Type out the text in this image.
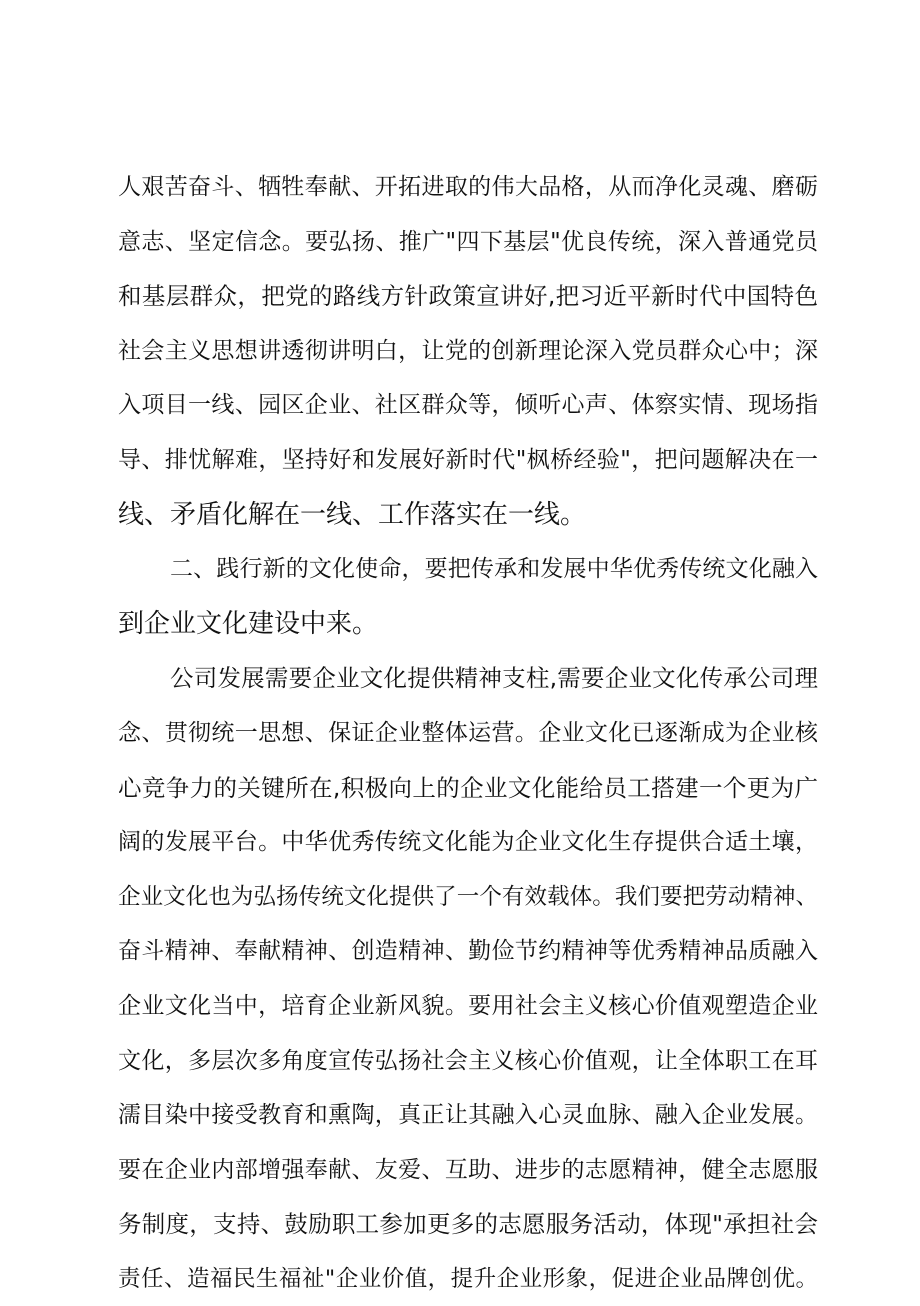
人艰苦奋斗、牺牲奉献、开拓进取的伟大品格，从而净化灵魂、磨砺
意志、坚定信念。要弘扬、推广"四下基层"优良传统，深入普通党员
和基层群众，把党的路线方针政策宣讲好,把习近平新时代中国特色
社会主义思想讲透彻讲明白，让党的创新理论深入党员群众心中；深
入项目一线、园区企业、社区群众等，倾听心声、体察实情、现场指
导、排忧解难，坚持好和发展好新时代"枫桥经验"，把问题解决在一
线、矛盾化解在一线、工作落实在一线。
二、践行新的文化使命，要把传承和发展中华优秀传统文化融入
到企业文化建设中来。
公司发展需要企业文化提供精神支柱,需要企业文化传承公司理
念、贯彻统一思想、保证企业整体运营。企业文化已逐渐成为企业核
心竞争力的关键所在,积极向上的企业文化能给员工搭建一个更为广
阔的发展平台。中华优秀传统文化能为企业文化生存提供合适土壤，
企业文化也为弘扬传统文化提供了一个有效载体。我们要把劳动精神、
奋斗精神、奉献精神、创造精神、勤俭节约精神等优秀精神品质融入
企业文化当中，培育企业新风貌。要用社会主义核心价值观塑造企业
文化，多层次多角度宣传弘扬社会主义核心价值观，让全体职工在耳
濡目染中接受教育和熏陶，真正让其融入心灵血脉、融入企业发展。
要在企业内部增强奉献、友爱、互助、进步的志愿精神，健全志愿服
务制度，支持、鼓励职工参加更多的志愿服务活动，体现"承担社会
责任、造福民生福祉"企业价值，提升企业形象，促进企业品牌创优。
